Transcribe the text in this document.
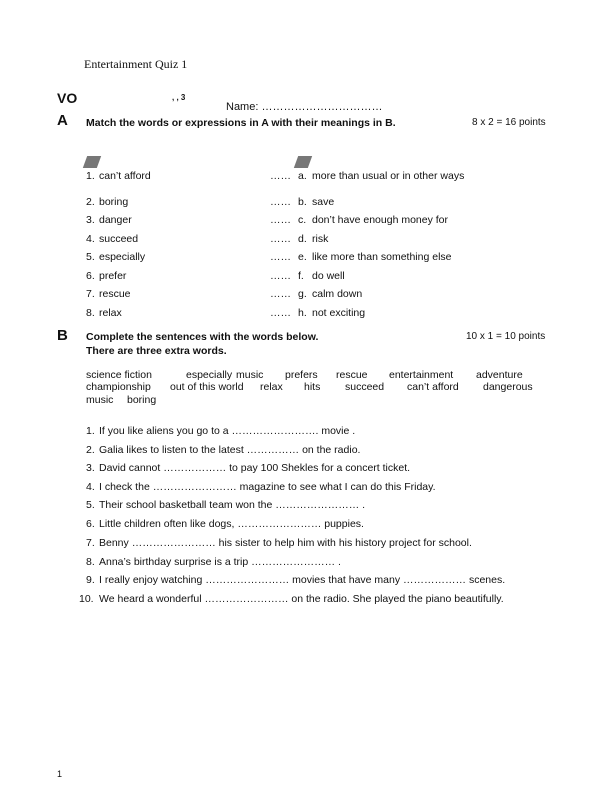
Entertainment Quiz 1
VO	, , 3
Name: ……………………………
A Match the words or expressions in A with their meanings in B.	8 x 2 = 16 points
1. can’t afford	…… a. more than usual or in other ways
2. boring	…… b. save
3. danger	…… c. don’t have enough money for
4. succeed	…… d. risk
5. especially	…… e. like more than something else
6. prefer	…… f. do well
7. rescue	…… g. calm down
8. relax	…… h. not exciting
B Complete the sentences with the words below.	10 x 1 = 10 points
There are three extra words.
science fiction	especially music prefers rescue entertainment adventure
championship out of this world relax hits succeed can’t afford dangerous
music boring
1. If you like aliens you go to a ……………………. movie .
2. Galia likes to listen to the latest …………… on the radio.
3. David cannot ……………… to pay 100 Shekles for a concert ticket.
4. I check the …………………… magazine to see what I can do this Friday.
5. Their school basketball team won the …………………… .
6. Little children often like dogs, …………………… puppies.
7. Benny …………………… his sister to help him with his history project for school.
8. Anna’s birthday surprise is a trip …………………… .
9. I really enjoy watching …………………… movies that have many ……………… scenes.
10. We heard a wonderful …………………… on the radio. She played the piano beautifully.
1
